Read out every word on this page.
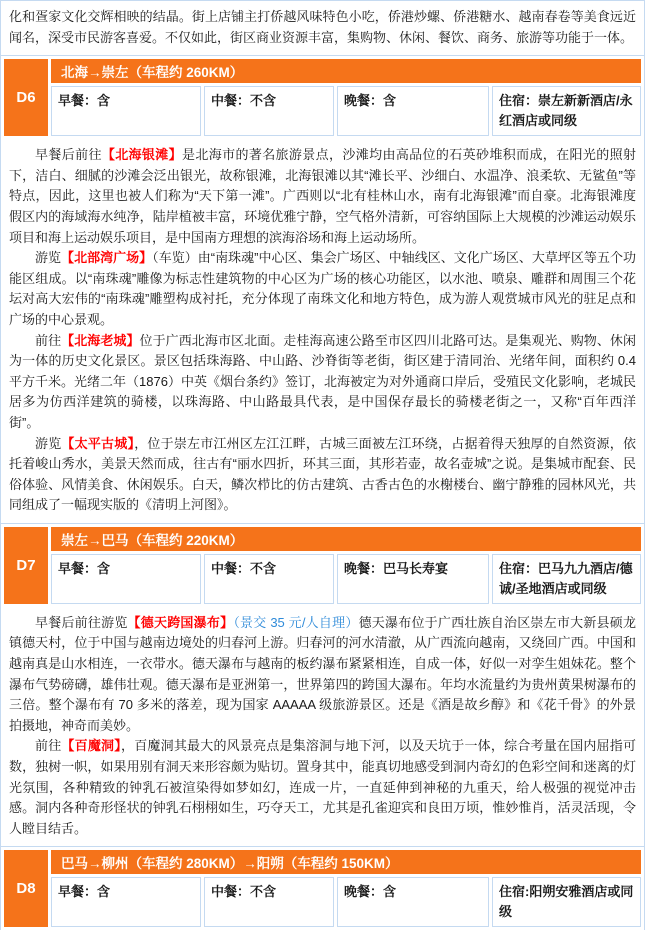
化和疍家文化交辉相映的结晶。街上店铺主打侨越风味特色小吃，侨港炒螺、侨港糖水、越南春卷等美食远近闻名，深受市民游客喜爱。不仅如此，街区商业资源丰富，集购物、休闲、餐饮、商务、旅游等功能于一体。

D6
北海→崇左（车程约 260KM）
早餐：含	中餐：不含	晚餐：含	住宿：崇左新新酒店/永红酒店或同级

早餐后前往【北海银滩】是北海市的著名旅游景点，沙滩均由高品位的石英砂堆积而成，在阳光的照射下，洁白、细腻的沙滩会泛出银光，故称银滩，北海银滩以其“滩长平、沙细白、水温净、浪柔软、无鲨鱼”等特点，因此，这里也被人们称为“天下第一滩”。广西则以“北有桂林山水，南有北海银滩”而自豪。北海银滩度假区内的海域海水纯净，陆岸植被丰富，环境优雅宁静，空气格外清新，可容纳国际上大规模的沙滩运动娱乐项目和海上运动娱乐项目，是中国南方理想的滨海浴场和海上运动场所。

游览【北部湾广场】（车览）由“南珠魂”中心区、集会广场区、中轴线区、文化广场区、大草坪区等五个功能区组成。以“南珠魂”雕像为标志性建筑物的中心区为广场的核心功能区，以水池、喷泉、雕群和周围三个花坛对高大宏伟的“南珠魂”雕塑构成衬托，充分体现了南珠文化和地方特色，成为游人观赏城市风光的驻足点和广场的中心景观。

前往【北海老城】位于广西北海市区北面。走桂海高速公路至市区四川北路可达。是集观光、购物、休闲为一体的历史文化景区。景区包括珠海路、中山路、沙脊街等老街，街区建于清同治、光绪年间，面积约 0.4 平方千米。光绪二年（1876）中英《烟台条约》签订，北海被定为对外通商口岸后，受殖民文化影响，老城民居多为仿西洋建筑的骑楼，以珠海路、中山路最具代表，是中国保存最长的骑楼老街之一，又称“百年西洋街”。

游览【太平古城】，位于崇左市江州区左江江畔，古城三面被左江环绕，占据着得天独厚的自然资源，依托着峻山秀水，美景天然而成，往古有“丽水四折，环其三面，其形若壶，故名壶城”之说。是集城市配套、民俗体验、风情美食、休闲娱乐。白天，鳞次栉比的仿古建筑、古香古色的水榭楼台、幽宁静雅的园林风光，共同组成了一幅现实版的《清明上河图》。

D7
崇左→巴马（车程约 220KM）
早餐：含	中餐：不含	晚餐：巴马长寿宴	住宿：巴马九九酒店/德诚/圣地酒店或同级

早餐后前往游览【德天跨国瀑布】（景交 35 元/人自理）德天瀑布位于广西壮族自治区崇左市大新县硕龙镇德天村，位于中国与越南边境处的归春河上游。归春河的河水清澈，从广西流向越南，又绕回广西。中国和越南真是山水相连，一衣带水。德天瀑布与越南的板约瀑布紧紧相连，自成一体，好似一对孪生姐妹花。整个瀑布气势磅礴，雄伟壮观。德天瀑布是亚洲第一，世界第四的跨国大瀑布。年均水流量约为贵州黄果树瀑布的三倍。整个瀑布有 70 多米的落差，现为国家 AAAAA 级旅游景区。还是《酒是故乡醇》和《花千骨》的外景拍摄地，神奇而美妙。

前往【百魔洞】，百魔洞其最大的风景亮点是集溶洞与地下河，以及天坑于一体，综合考量在国内屈指可数，独树一帜，如果用别有洞天来形容颇为贴切。置身其中，能真切地感受到洞内奇幻的色彩空间和迷离的灯光氛围，各种精致的钟乳石被渲染得如梦如幻，连成一片，一直延伸到神秘的九重天，给人极强的视觉冲击感。洞内各种奇形怪状的钟乳石栩栩如生，巧夺天工，尤其是孔雀迎宾和良田万顷，惟妙惟肖，活灵活现，令人瞠目结舌。

D8
巴马→柳州（车程约 280KM）→阳朔（车程约 150KM）
早餐：含	中餐：不含	晚餐：含	住宿:阳朔安雅酒店或同级
